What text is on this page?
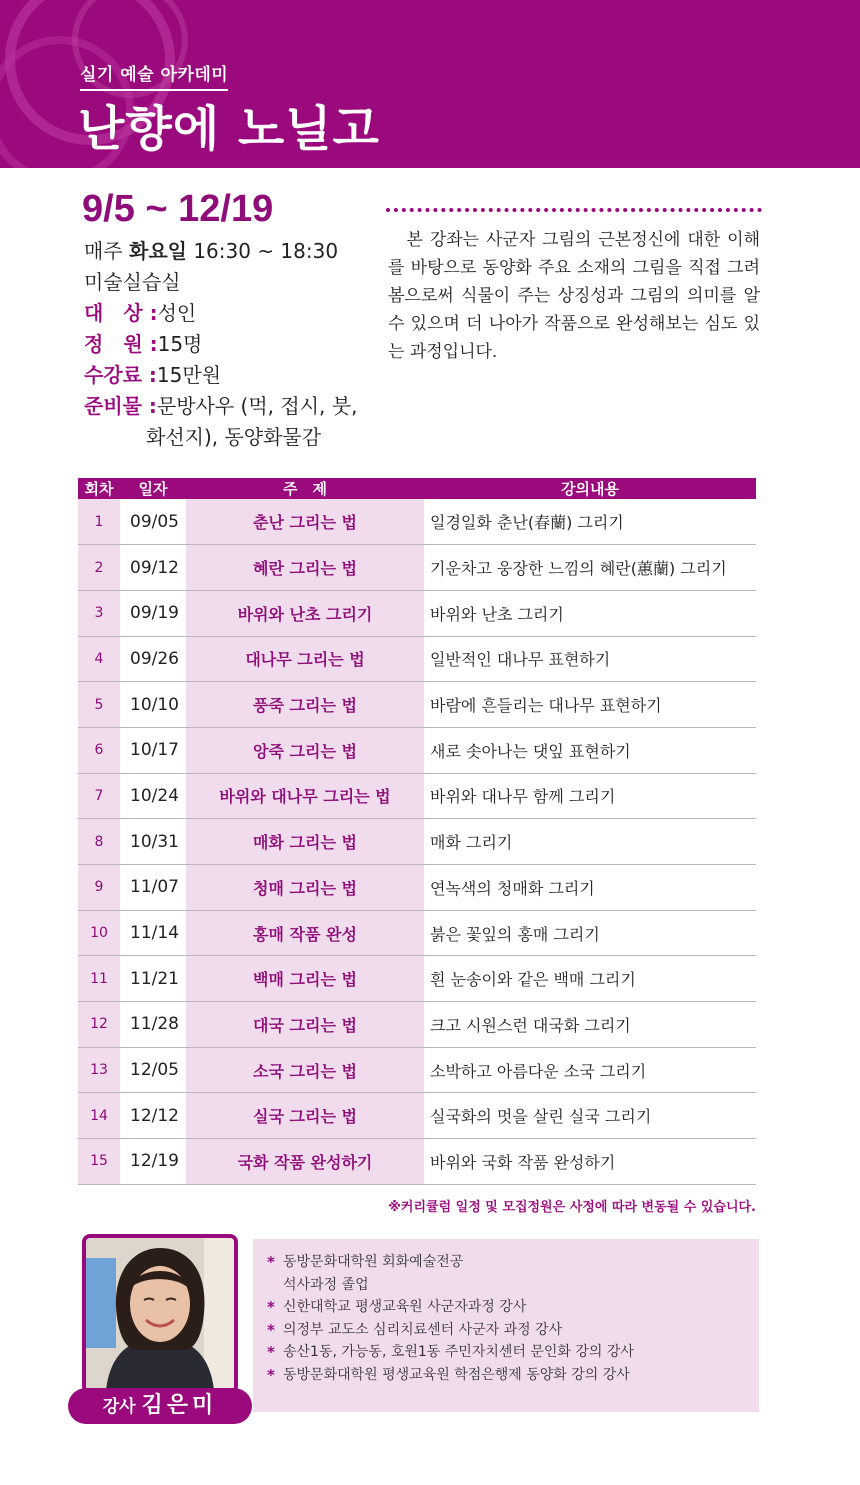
실기 예술 아카데미
난향에 노닐고
9/5 ~ 12/19
매주 화요일 16:30 ~ 18:30
미술실습실
대　상 :성인
정　원 :15명
수강료 :15만원
준비물 :문방사우 (먹, 접시, 붓,
화선지), 동양화물감
　본 강좌는 사군자 그림의 근본정신에 대한 이해를 바탕으로 동양화 주요 소재의 그림을 직접 그려봄으로써 식물이 주는 상징성과 그림의 의미를 알 수 있으며 더 나아가 작품으로 완성해보는 심도 있는 과정입니다.
회차	일자	주　제	강의내용
1	09/05	춘난 그리는 법	일경일화 춘난(春蘭) 그리기
2	09/12	혜란 그리는 법	기운차고 웅장한 느낌의 혜란(蕙蘭) 그리기
3	09/19	바위와 난초 그리기	바위와 난초 그리기
4	09/26	대나무 그리는 법	일반적인 대나무 표현하기
5	10/10	풍죽 그리는 법	바람에 흔들리는 대나무 표현하기
6	10/17	앙죽 그리는 법	새로 솟아나는 댓잎 표현하기
7	10/24	바위와 대나무 그리는 법	바위와 대나무 함께 그리기
8	10/31	매화 그리는 법	매화 그리기
9	11/07	청매 그리는 법	연녹색의 청매화 그리기
10	11/14	홍매 작품 완성	붉은 꽃잎의 홍매 그리기
11	11/21	백매 그리는 법	흰 눈송이와 같은 백매 그리기
12	11/28	대국 그리는 법	크고 시원스런 대국화 그리기
13	12/05	소국 그리는 법	소박하고 아름다운 소국 그리기
14	12/12	실국 그리는 법	실국화의 멋을 살린 실국 그리기
15	12/19	국화 작품 완성하기	바위와 국화 작품 완성하기
※커리큘럼 일정 및 모집정원은 사정에 따라 변동될 수 있습니다.
강사 김은미
* 동방문화대학원 회화예술전공
석사과정 졸업
* 신한대학교 평생교육원 사군자과정 강사
* 의정부 교도소 심리치료센터 사군자 과정 강사
* 송산1동, 가능동, 호원1동 주민자치센터 문인화 강의 강사
* 동방문화대학원 평생교육원 학점은행제 동양화 강의 강사
